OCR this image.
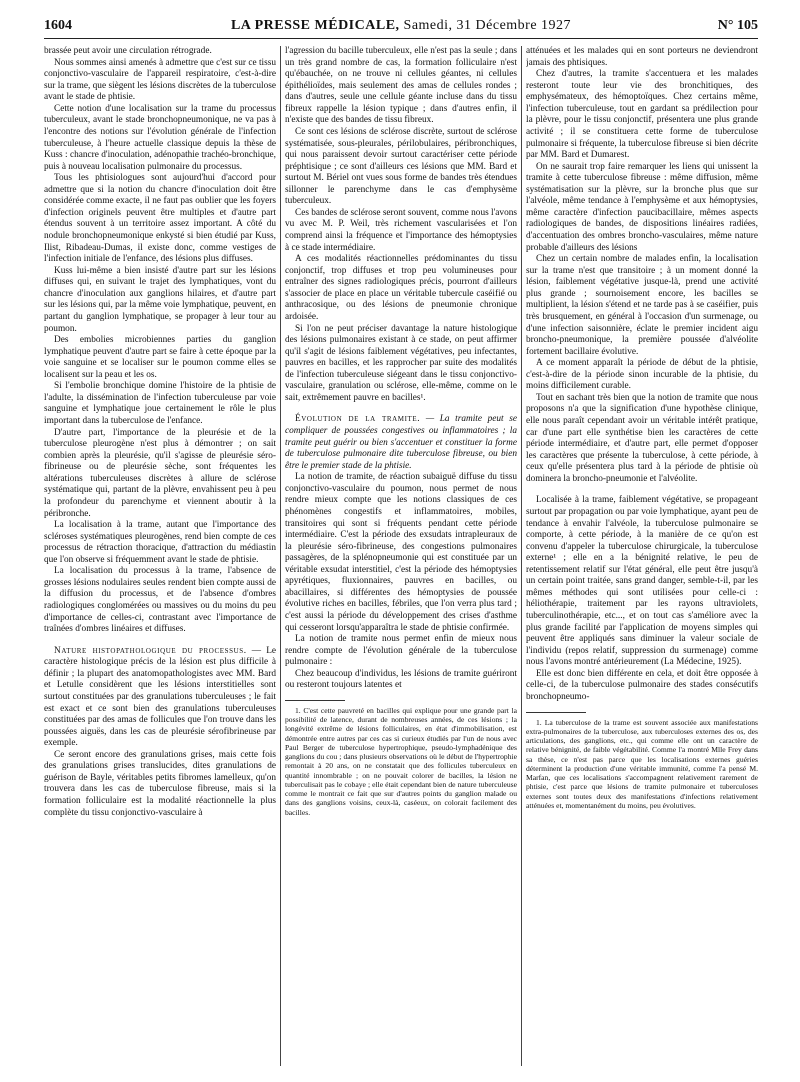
1604	LA PRESSE MÉDICALE, Samedi, 31 Décembre 1927	N° 105

brassée peut avoir une circulation rétrograde.

Nous sommes ainsi amenés à admettre que c'est sur ce tissu conjonctivo-vasculaire de l'appareil respiratoire, c'est-à-dire sur la trame, que siègent les lésions discrètes de la tuberculose avant le stade de phtisie.

Cette notion d'une localisation sur la trame du processus tuberculeux, avant le stade bronchopneumonique, ne va pas à l'encontre des notions sur l'évolution générale de l'infection tuberculeuse, à l'heure actuelle classique depuis la thèse de Kuss : chancre d'inoculation, adénopathie trachéo-bronchique, puis à nouveau localisation pulmonaire du processus.

Tous les phtisiologues sont aujourd'hui d'accord pour admettre que si la notion du chancre d'inoculation doit être considérée comme exacte, il ne faut pas oublier que les foyers d'infection originels peuvent être multiples et d'autre part étendus souvent à un territoire assez important. A côté du nodule bronchopneumonique enkysté si bien étudié par Kuss, Ilist, Ribadeau-Dumas, il existe donc, comme vestiges de l'infection initiale de l'enfance, des lésions plus diffuses.

Kuss lui-même a bien insisté d'autre part sur les lésions diffuses qui, en suivant le trajet des lymphatiques, vont du chancre d'inoculation aux ganglions hilaires, et d'autre part sur les lésions qui, par la même voie lymphatique, peuvent, en partant du ganglion lymphatique, se propager à leur tour au poumon.

Des embolies microbiennes parties du ganglion lymphatique peuvent d'autre part se faire à cette époque par la voie sanguine et se localiser sur le poumon comme elles se localisent sur la peau et les os.

Si l'embolie bronchique domine l'histoire de la phtisie de l'adulte, la dissémination de l'infection tuberculeuse par voie sanguine et lymphatique joue certainement le rôle le plus important dans la tuberculose de l'enfance.

D'autre part, l'importance de la pleurésie et de la tuberculose pleurogène n'est plus à démontrer ; on sait combien après la pleurésie, qu'il s'agisse de pleurésie séro-fibrineuse ou de pleurésie sèche, sont fréquentes les altérations tuberculeuses discrètes à allure de sclérose systématique qui, partant de la plèvre, envahissent peu à peu la profondeur du parenchyme et viennent aboutir à la péribronche.

La localisation à la trame, autant que l'importance des scléroses systématiques pleurogènes, rend bien compte de ces processus de rétraction thoracique, d'attraction du médiastin que l'on observe si fréquemment avant le stade de phtisie.

La localisation du processus à la trame, l'absence de grosses lésions nodulaires seules rendent bien compte aussi de la diffusion du processus, et de l'absence d'ombres radiologiques conglomérées ou massives ou du moins du peu d'importance de celles-ci, contrastant avec l'importance de traînées d'ombres linéaires et diffuses.

Nature histopathologique du processus. — Le caractère histologique précis de la lésion est plus difficile à définir ; la plupart des anatomopathologistes avec MM. Bard et Letulle considèrent que les lésions interstitielles sont surtout constituées par des granulations tuberculeuses ; le fait est exact et ce sont bien des granulations tuberculeuses constituées par des amas de follicules que l'on trouve dans les poussées aiguës, dans les cas de pleurésie sérofibrineuse par exemple.

Ce seront encore des granulations grises, mais cette fois des granulations grises translucides, dites granulations de guérison de Bayle, véritables petits fibromes lamelleux, qu'on trouvera dans les cas de tuberculose fibreuse, mais si la formation folliculaire est la modalité réactionnelle la plus complète du tissu conjonctivo-vasculaire à

l'agression du bacille tuberculeux, elle n'est pas la seule ; dans un très grand nombre de cas, la formation folliculaire n'est qu'ébauchée, on ne trouve ni cellules géantes, ni cellules épithélioïdes, mais seulement des amas de cellules rondes ; dans d'autres, seule une cellule géante incluse dans du tissu fibreux rappelle la lésion typique ; dans d'autres enfin, il n'existe que des bandes de tissu fibreux.

Ce sont ces lésions de sclérose discrète, surtout de sclérose systématisée, sous-pleurales, périlobulaires, péribronchiques, qui nous paraissent devoir surtout caractériser cette période préphtisique ; ce sont d'ailleurs ces lésions que MM. Bard et surtout M. Bériel ont vues sous forme de bandes très étendues sillonner le parenchyme dans le cas d'emphysème tuberculeux.

Ces bandes de sclérose seront souvent, comme nous l'avons vu avec M. P. Weil, très richement vascularisées et l'on comprend ainsi la fréquence et l'importance des hémoptysies à ce stade intermédiaire.

A ces modalités réactionnelles prédominantes du tissu conjonctif, trop diffuses et trop peu volumineuses pour entraîner des signes radiologiques précis, pourront d'ailleurs s'associer de place en place un véritable tubercule caséifié ou anthracosique, ou des lésions de pneumonie chronique ardoisée.

Si l'on ne peut préciser davantage la nature histologique des lésions pulmonaires existant à ce stade, on peut affirmer qu'il s'agit de lésions faiblement végétatives, peu infectantes, pauvres en bacilles, et les rapprocher par suite des modalités de l'infection tuberculeuse siégeant dans le tissu conjonctivo-vasculaire, granulation ou sclérose, elle-même, comme on le sait, extrêmement pauvre en bacilles¹.

Évolution de la tramite. — La tramite peut se compliquer de poussées congestives ou inflammatoires ; la tramite peut guérir ou bien s'accentuer et constituer la forme de tuberculose pulmonaire dite tuberculose fibreuse, ou bien être le premier stade de la phtisie.

La notion de tramite, de réaction subaiguë diffuse du tissu conjonctivo-vasculaire du poumon, nous permet de nous rendre mieux compte que les notions classiques de ces phénomènes congestifs et inflammatoires, mobiles, transitoires qui sont si fréquents pendant cette période intermédiaire. C'est la période des exsudats intrapleuraux de la pleurésie séro-fibrineuse, des congestions pulmonaires passagères, de la splénopneumonie qui est constituée par un véritable exsudat interstitiel, c'est la période des hémoptysies apyrétiques, fluxionnaires, pauvres en bacilles, ou abacillaires, si différentes des hémoptysies de poussée évolutive riches en bacilles, fébriles, que l'on verra plus tard ; c'est aussi la période du développement des crises d'asthme qui cesseront lorsqu'apparaîtra le stade de phtisie confirmée.

La notion de tramite nous permet enfin de mieux nous rendre compte de l'évolution générale de la tuberculose pulmonaire :

Chez beaucoup d'individus, les lésions de tramite guériront ou resteront toujours latentes et

1. C'est cette pauvreté en bacilles qui explique pour une grande part la possibilité de latence, durant de nombreuses années, de ces lésions ; la longévité extrême de lésions folliculaires, en état d'immobilisation, est démontrée entre autres par ces cas si curieux étudiés par l'un de nous avec Paul Berger de tuberculose hypertrophique, pseudo-lymphadénique des ganglions du cou ; dans plusieurs observations où le début de l'hypertrophie remontait à 20 ans, on ne constatait que des follicules tuberculeux en quantité innombrable ; on ne pouvait colorer de bacilles, la lésion ne tuberculisait pas le cobaye ; elle était cependant bien de nature tuberculeuse comme le montrait ce fait que sur d'autres points du ganglion malade ou dans des ganglions voisins, ceux-là, caséeux, on colorait facilement des bacilles.

atténuées et les malades qui en sont porteurs ne deviendront jamais des phtisiques.

Chez d'autres, la tramite s'accentuera et les malades resteront toute leur vie des bronchitiques, des emphysémateux, des hémoptoïques. Chez certains même, l'infection tuberculeuse, tout en gardant sa prédilection pour la plèvre, pour le tissu conjonctif, présentera une plus grande activité ; il se constituera cette forme de tuberculose pulmonaire si fréquente, la tuberculose fibreuse si bien décrite par MM. Bard et Dumarest.

On ne saurait trop faire remarquer les liens qui unissent la tramite à cette tuberculose fibreuse : même diffusion, même systématisation sur la plèvre, sur la bronche plus que sur l'alvéole, même tendance à l'emphysème et aux hémoptysies, même caractère d'infection paucibacillaire, mêmes aspects radiologiques de bandes, de dispositions linéaires radiées, d'accentuation des ombres broncho-vasculaires, même nature probable d'ailleurs des lésions

Chez un certain nombre de malades enfin, la localisation sur la trame n'est que transitoire ; à un moment donné la lésion, faiblement végétative jusque-là, prend une activité plus grande ; sournoisement encore, les bacilles se multiplient, la lésion s'étend et ne tarde pas à se caséifier, puis très brusquement, en général à l'occasion d'un surmenage, ou d'une infection saisonnière, éclate le premier incident aigu broncho-pneumonique, la première poussée d'alvéolite fortement bacillaire évolutive.

A ce moment apparaît la période de début de la phtisie, c'est-à-dire de la période sinon incurable de la phtisie, du moins difficilement curable.

Tout en sachant très bien que la notion de tramite que nous proposons n'a que la signification d'une hypothèse clinique, elle nous paraît cependant avoir un véritable intérêt pratique, car d'une part elle synthétise bien les caractères de cette période intermédiaire, et d'autre part, elle permet d'opposer les caractères que présente la tuberculose, à cette période, à ceux qu'elle présentera plus tard à la période de phtisie où dominera la broncho-pneumonie et l'alvéolite.

Localisée à la trame, faiblement végétative, se propageant surtout par propagation ou par voie lymphatique, ayant peu de tendance à envahir l'alvéole, la tuberculose pulmonaire se comporte, à cette période, à la manière de ce qu'on est convenu d'appeler la tuberculose chirurgicale, la tuberculose externe¹ ; elle en a la bénignité relative, le peu de retentissement relatif sur l'état général, elle peut être jusqu'à un certain point traitée, sans grand danger, semble-t-il, par les mêmes méthodes qui sont utilisées pour celle-ci : héliothérapie, traitement par les rayons ultraviolets, tuberculinothérapie, etc..., et on tout cas s'améliore avec la plus grande facilité par l'application de moyens simples qui peuvent être appliqués sans diminuer la valeur sociale de l'individu (repos relatif, suppression du surmenage) comme nous l'avons montré antérieurement (La Médecine, 1925).

Elle est donc bien différente en cela, et doit être opposée à celle-ci, de la tuberculose pulmonaire des stades consécutifs bronchopneumo-

1. La tuberculose de la trame est souvent associée aux manifestations extra-pulmonaires de la tuberculose, aux tuberculoses externes des os, des articulations, des ganglions, etc., qui comme elle ont un caractère de relative bénignité, de faible végétabilité. Comme l'a montré Mlle Frey dans sa thèse, ce n'est pas parce que les localisations externes guéries déterminent la production d'une véritable immunité, comme l'a pensé M. Marfan, que ces localisations s'accompagnent relativement rarement de phtisie, c'est parce que lésions de tramite pulmonaire et tuberculoses externes sont toutes deux des manifestations d'infections relativement atténuées et, momentanément du moins, peu évolutives.
